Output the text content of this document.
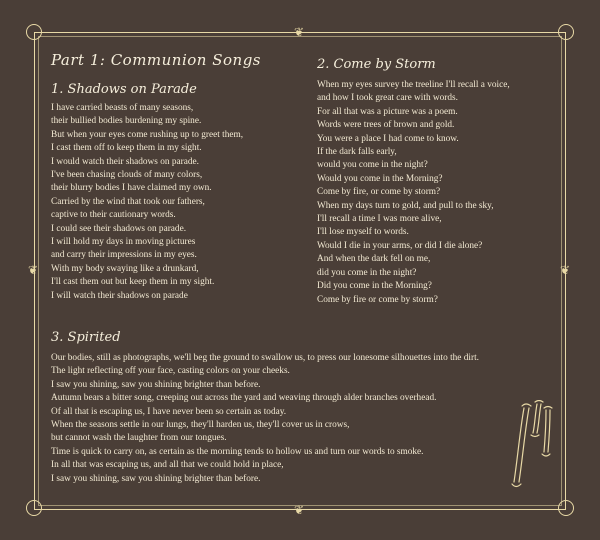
❦
❦
❦	❦
Part 1: Communion Songs
1. Shadows on Parade
I have carried beasts of many seasons,
their bullied bodies burdening my spine.
But when your eyes come rushing up to greet them,
I cast them off to keep them in my sight.
I would watch their shadows on parade.
I've been chasing clouds of many colors,
their blurry bodies I have claimed my own.
Carried by the wind that took our fathers,
captive to their cautionary words.
I could see their shadows on parade.
I will hold my days in moving pictures
and carry their impressions in my eyes.
With my body swaying like a drunkard,
I'll cast them out but keep them in my sight.
I will watch their shadows on parade
2. Come by Storm
When my eyes survey the treeline I'll recall a voice,
and how I took great care with words.
For all that was a picture was a poem.
Words were trees of brown and gold.
You were a place I had come to know.
If the dark falls early,
would you come in the night?
Would you come in the Morning?
Come by fire, or come by storm?
When my days turn to gold, and pull to the sky,
I'll recall a time I was more alive,
I'll lose myself to words.
Would I die in your arms, or did I die alone?
And when the dark fell on me,
did you come in the night?
Did you come in the Morning?
Come by fire or come by storm?
3. Spirited
Our bodies, still as photographs, we'll beg the ground to swallow us, to press our lonesome silhouettes into the dirt.
The light reflecting off your face, casting colors on your cheeks.
I saw you shining, saw you shining brighter than before.
Autumn bears a bitter song, creeping out across the yard and weaving through alder branches overhead.
Of all that is escaping us, I have never been so certain as today.
When the seasons settle in our lungs, they'll harden us, they'll cover us in crows,
but cannot wash the laughter from our tongues.
Time is quick to carry on, as certain as the morning tends to hollow us and turn our words to smoke.
In all that was escaping us, and all that we could hold in place,
I saw you shining, saw you shining brighter than before.
